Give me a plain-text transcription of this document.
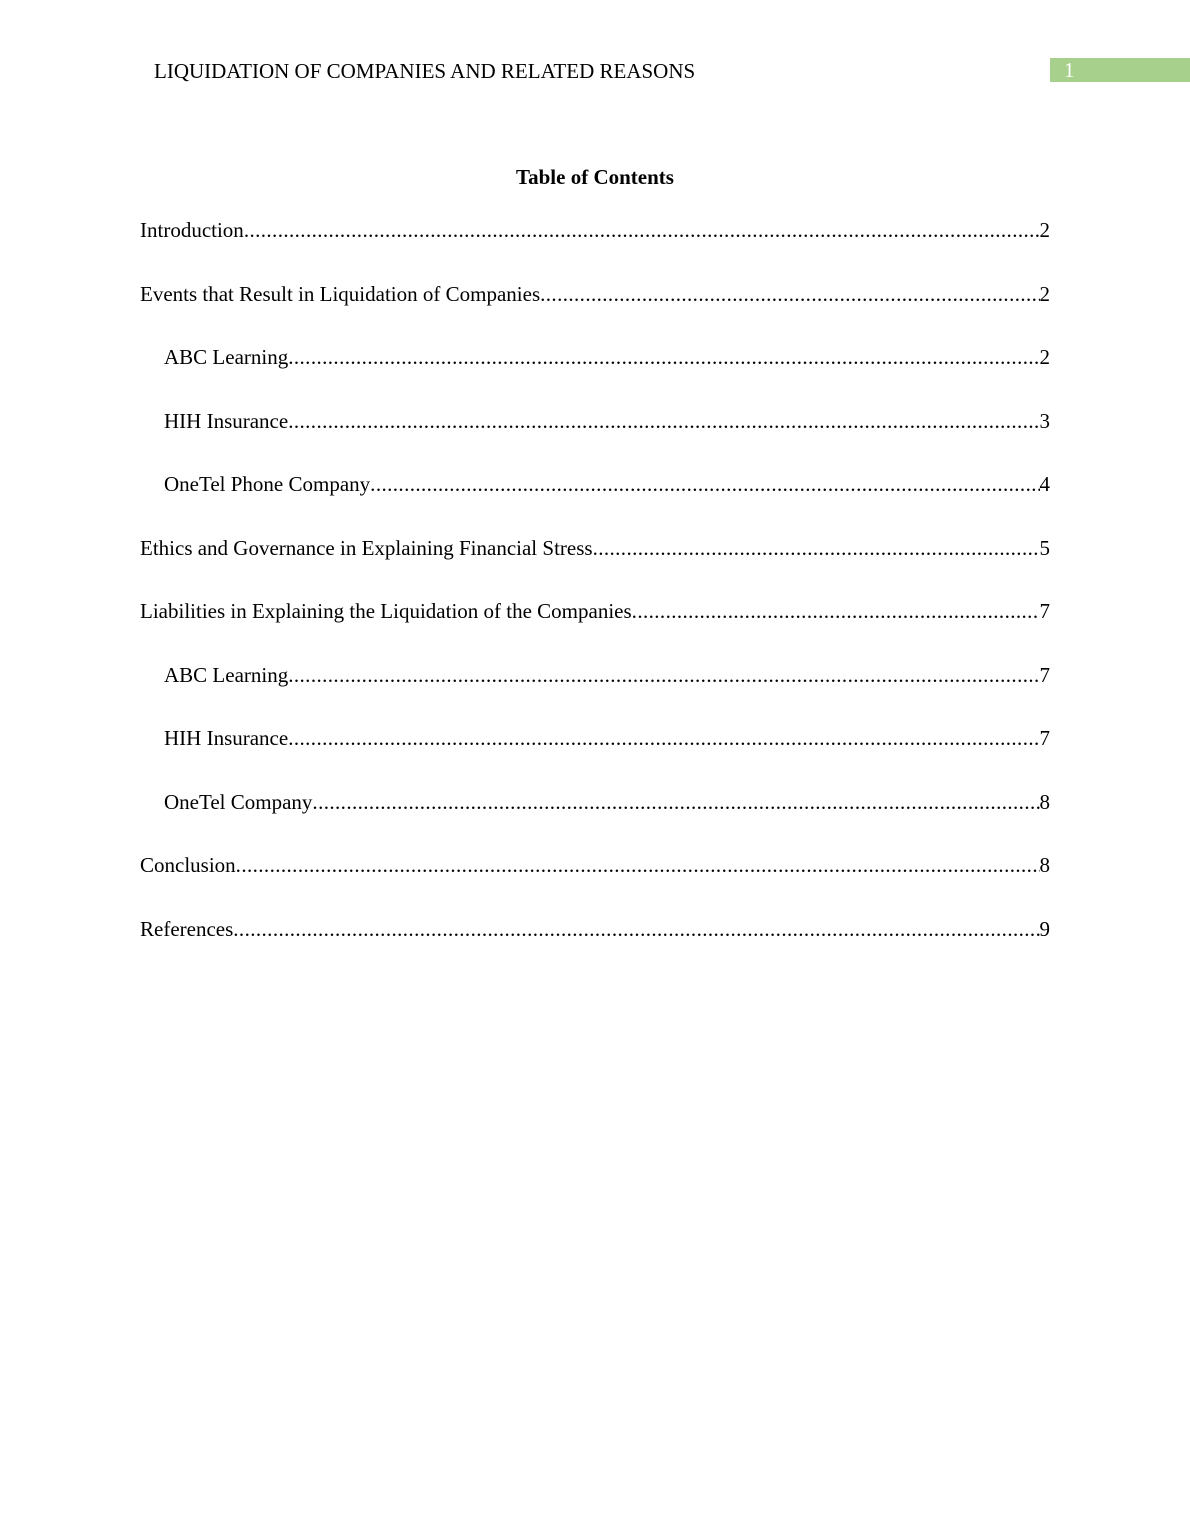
LIQUIDATION OF COMPANIES AND RELATED REASONS	1
Table of Contents
Introduction .....	2
Events that Result in Liquidation of Companies .....	2
ABC Learning .....	2
HIH Insurance .....	3
OneTel Phone Company .....	4
Ethics and Governance in Explaining Financial Stress .....	5
Liabilities in Explaining the Liquidation of the Companies .....	7
ABC Learning .....	7
HIH Insurance .....	7
OneTel Company .....	8
Conclusion .....	8
References .....	9
